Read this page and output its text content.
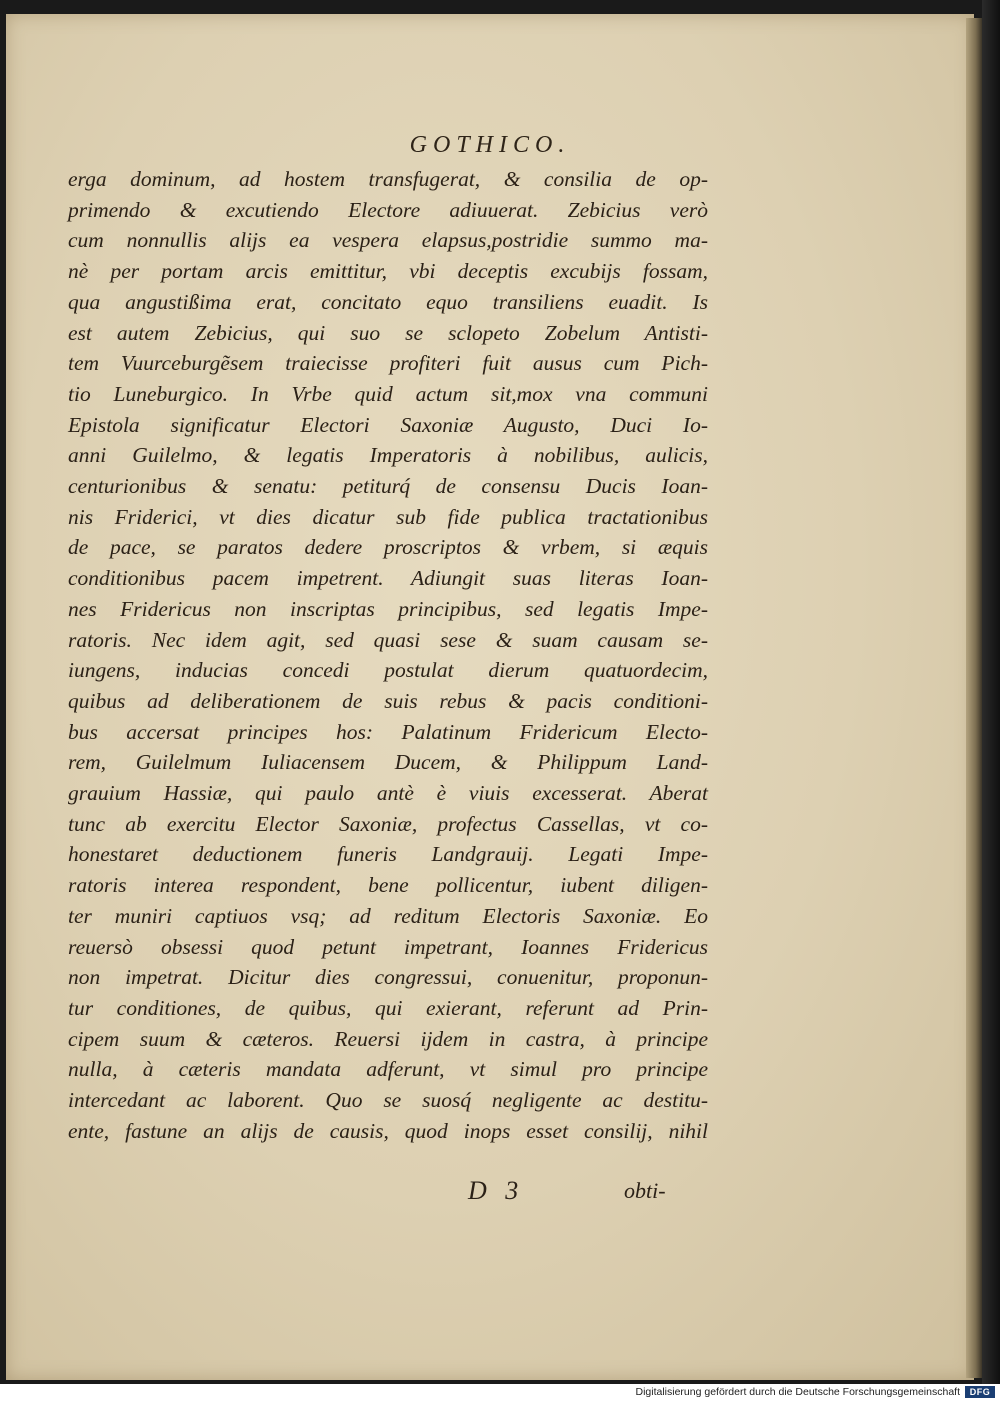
GOTHICO.
erga dominum, ad hostem transfugerat, & consilia de op-
primendo & excutiendo Electore adiuuerat. Zebicius verò
cum nonnullis alijs ea vespera elapsus,postridie summo ma-
nè per portam arcis emittitur, vbi deceptis excubijs fossam,
qua angustißima erat, concitato equo transiliens euadit. Is
est autem Zebicius, qui suo se sclopeto Zobelum Antisti-
tem Vuurceburgẽsem traiecisse profiteri fuit ausus cum Pich-
tio Luneburgico. In Vrbe quid actum sit,mox vna communi
Epistola significatur Electori Saxoniæ Augusto, Duci Io-
anni Guilelmo, & legatis Imperatoris à nobilibus, aulicis,
centurionibus & senatu: petiturq́ de consensu Ducis Ioan-
nis Friderici, vt dies dicatur sub fide publica tractationibus
de pace, se paratos dedere proscriptos & vrbem, si æquis
conditionibus pacem impetrent. Adiungit suas literas Ioan-
nes Fridericus non inscriptas principibus, sed legatis Impe-
ratoris. Nec idem agit, sed quasi sese & suam causam se-
iungens, inducias concedi postulat dierum quatuordecim,
quibus ad deliberationem de suis rebus & pacis conditioni-
bus accersat principes hos: Palatinum Fridericum Electo-
rem, Guilelmum Iuliacensem Ducem, & Philippum Land-
grauium Hassiæ, qui paulo antè è viuis excesserat. Aberat
tunc ab exercitu Elector Saxoniæ, profectus Cassellas, vt co-
honestaret deductionem funeris Landgrauij. Legati Impe-
ratoris interea respondent, bene pollicentur, iubent diligen-
ter muniri captiuos vsq; ad reditum Electoris Saxoniæ. Eo
reuersò obsessi quod petunt impetrant, Ioannes Fridericus
non impetrat. Dicitur dies congressui, conuenitur, proponun-
tur conditiones, de quibus, qui exierant, referunt ad Prin-
cipem suum & cæteros. Reuersi ijdem in castra, à principe
nulla, à cæteris mandata adferunt, vt simul pro principe
intercedant ac laborent. Quo se suosq́ negligente ac destitu-
ente, fastune an alijs de causis, quod inops esset consilij, nihil
D 3	obti-
Digitalisierung gefördert durch die Deutsche Forschungsgemeinschaft	DFG
